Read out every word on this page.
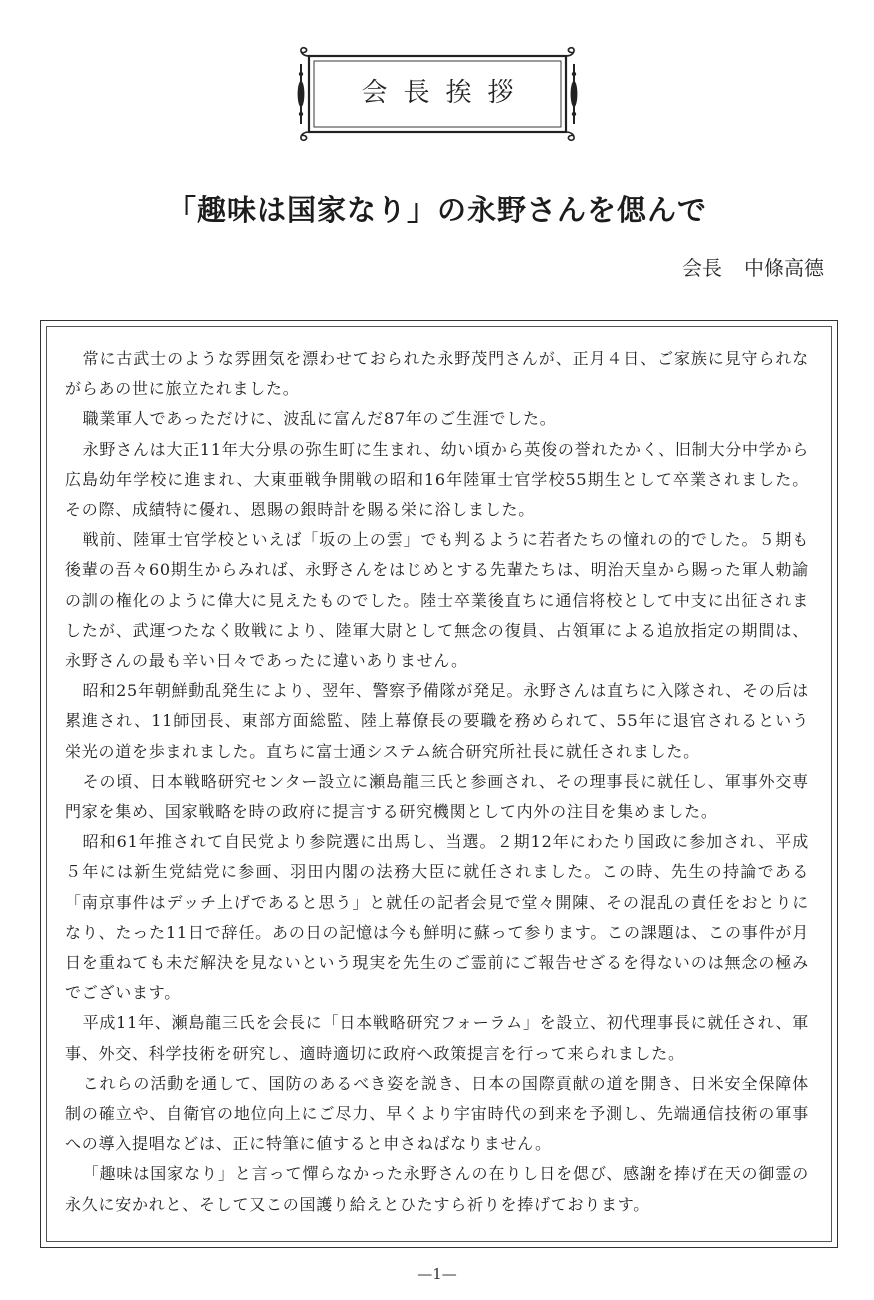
会長挨拶
「趣味は国家なり」の永野さんを偲んで
会長 中條高德

常に古武士のような雰囲気を漂わせておられた永野茂門さんが、正月４日、ご家族に見守られながらあの世に旅立たれました。

職業軍人であっただけに、波乱に富んだ87年のご生涯でした。

永野さんは大正11年大分県の弥生町に生まれ、幼い頃から英俊の誉れたかく、旧制大分中学から広島幼年学校に進まれ、大東亜戦争開戦の昭和16年陸軍士官学校55期生として卒業されました。その際、成績特に優れ、恩賜の銀時計を賜る栄に浴しました。

戦前、陸軍士官学校といえば「坂の上の雲」でも判るように若者たちの憧れの的でした。５期も後輩の吾々60期生からみれば、永野さんをはじめとする先輩たちは、明治天皇から賜った軍人勅諭の訓の権化のように偉大に見えたものでした。陸士卒業後直ちに通信将校として中支に出征されましたが、武運つたなく敗戦により、陸軍大尉として無念の復員、占領軍による追放指定の期間は、永野さんの最も辛い日々であったに違いありません。

昭和25年朝鮮動乱発生により、翌年、警察予備隊が発足。永野さんは直ちに入隊され、その后は累進され、11師団長、東部方面総監、陸上幕僚長の要職を務められて、55年に退官されるという栄光の道を歩まれました。直ちに富士通システム統合研究所社長に就任されました。

その頃、日本戦略研究センター設立に瀬島龍三氏と参画され、その理事長に就任し、軍事外交専門家を集め、国家戦略を時の政府に提言する研究機関として内外の注目を集めました。

昭和61年推されて自民党より参院選に出馬し、当選。２期12年にわたり国政に参加され、平成５年には新生党結党に参画、羽田内閣の法務大臣に就任されました。この時、先生の持論である「南京事件はデッチ上げであると思う」と就任の記者会見で堂々開陳、その混乱の責任をおとりになり、たった11日で辞任。あの日の記憶は今も鮮明に蘇って参ります。この課題は、この事件が月日を重ねても未だ解決を見ないという現実を先生のご霊前にご報告せざるを得ないのは無念の極みでございます。

平成11年、瀬島龍三氏を会長に「日本戦略研究フォーラム」を設立、初代理事長に就任され、軍事、外交、科学技術を研究し、適時適切に政府へ政策提言を行って来られました。

これらの活動を通して、国防のあるべき姿を説き、日本の国際貢献の道を開き、日米安全保障体制の確立や、自衛官の地位向上にご尽力、早くより宇宙時代の到来を予測し、先端通信技術の軍事への導入提唱などは、正に特筆に値すると申さねばなりません。

「趣味は国家なり」と言って憚らなかった永野さんの在りし日を偲び、感謝を捧げ在天の御霊の永久に安かれと、そして又この国護り給えとひたすら祈りを捧げております。

—1—
